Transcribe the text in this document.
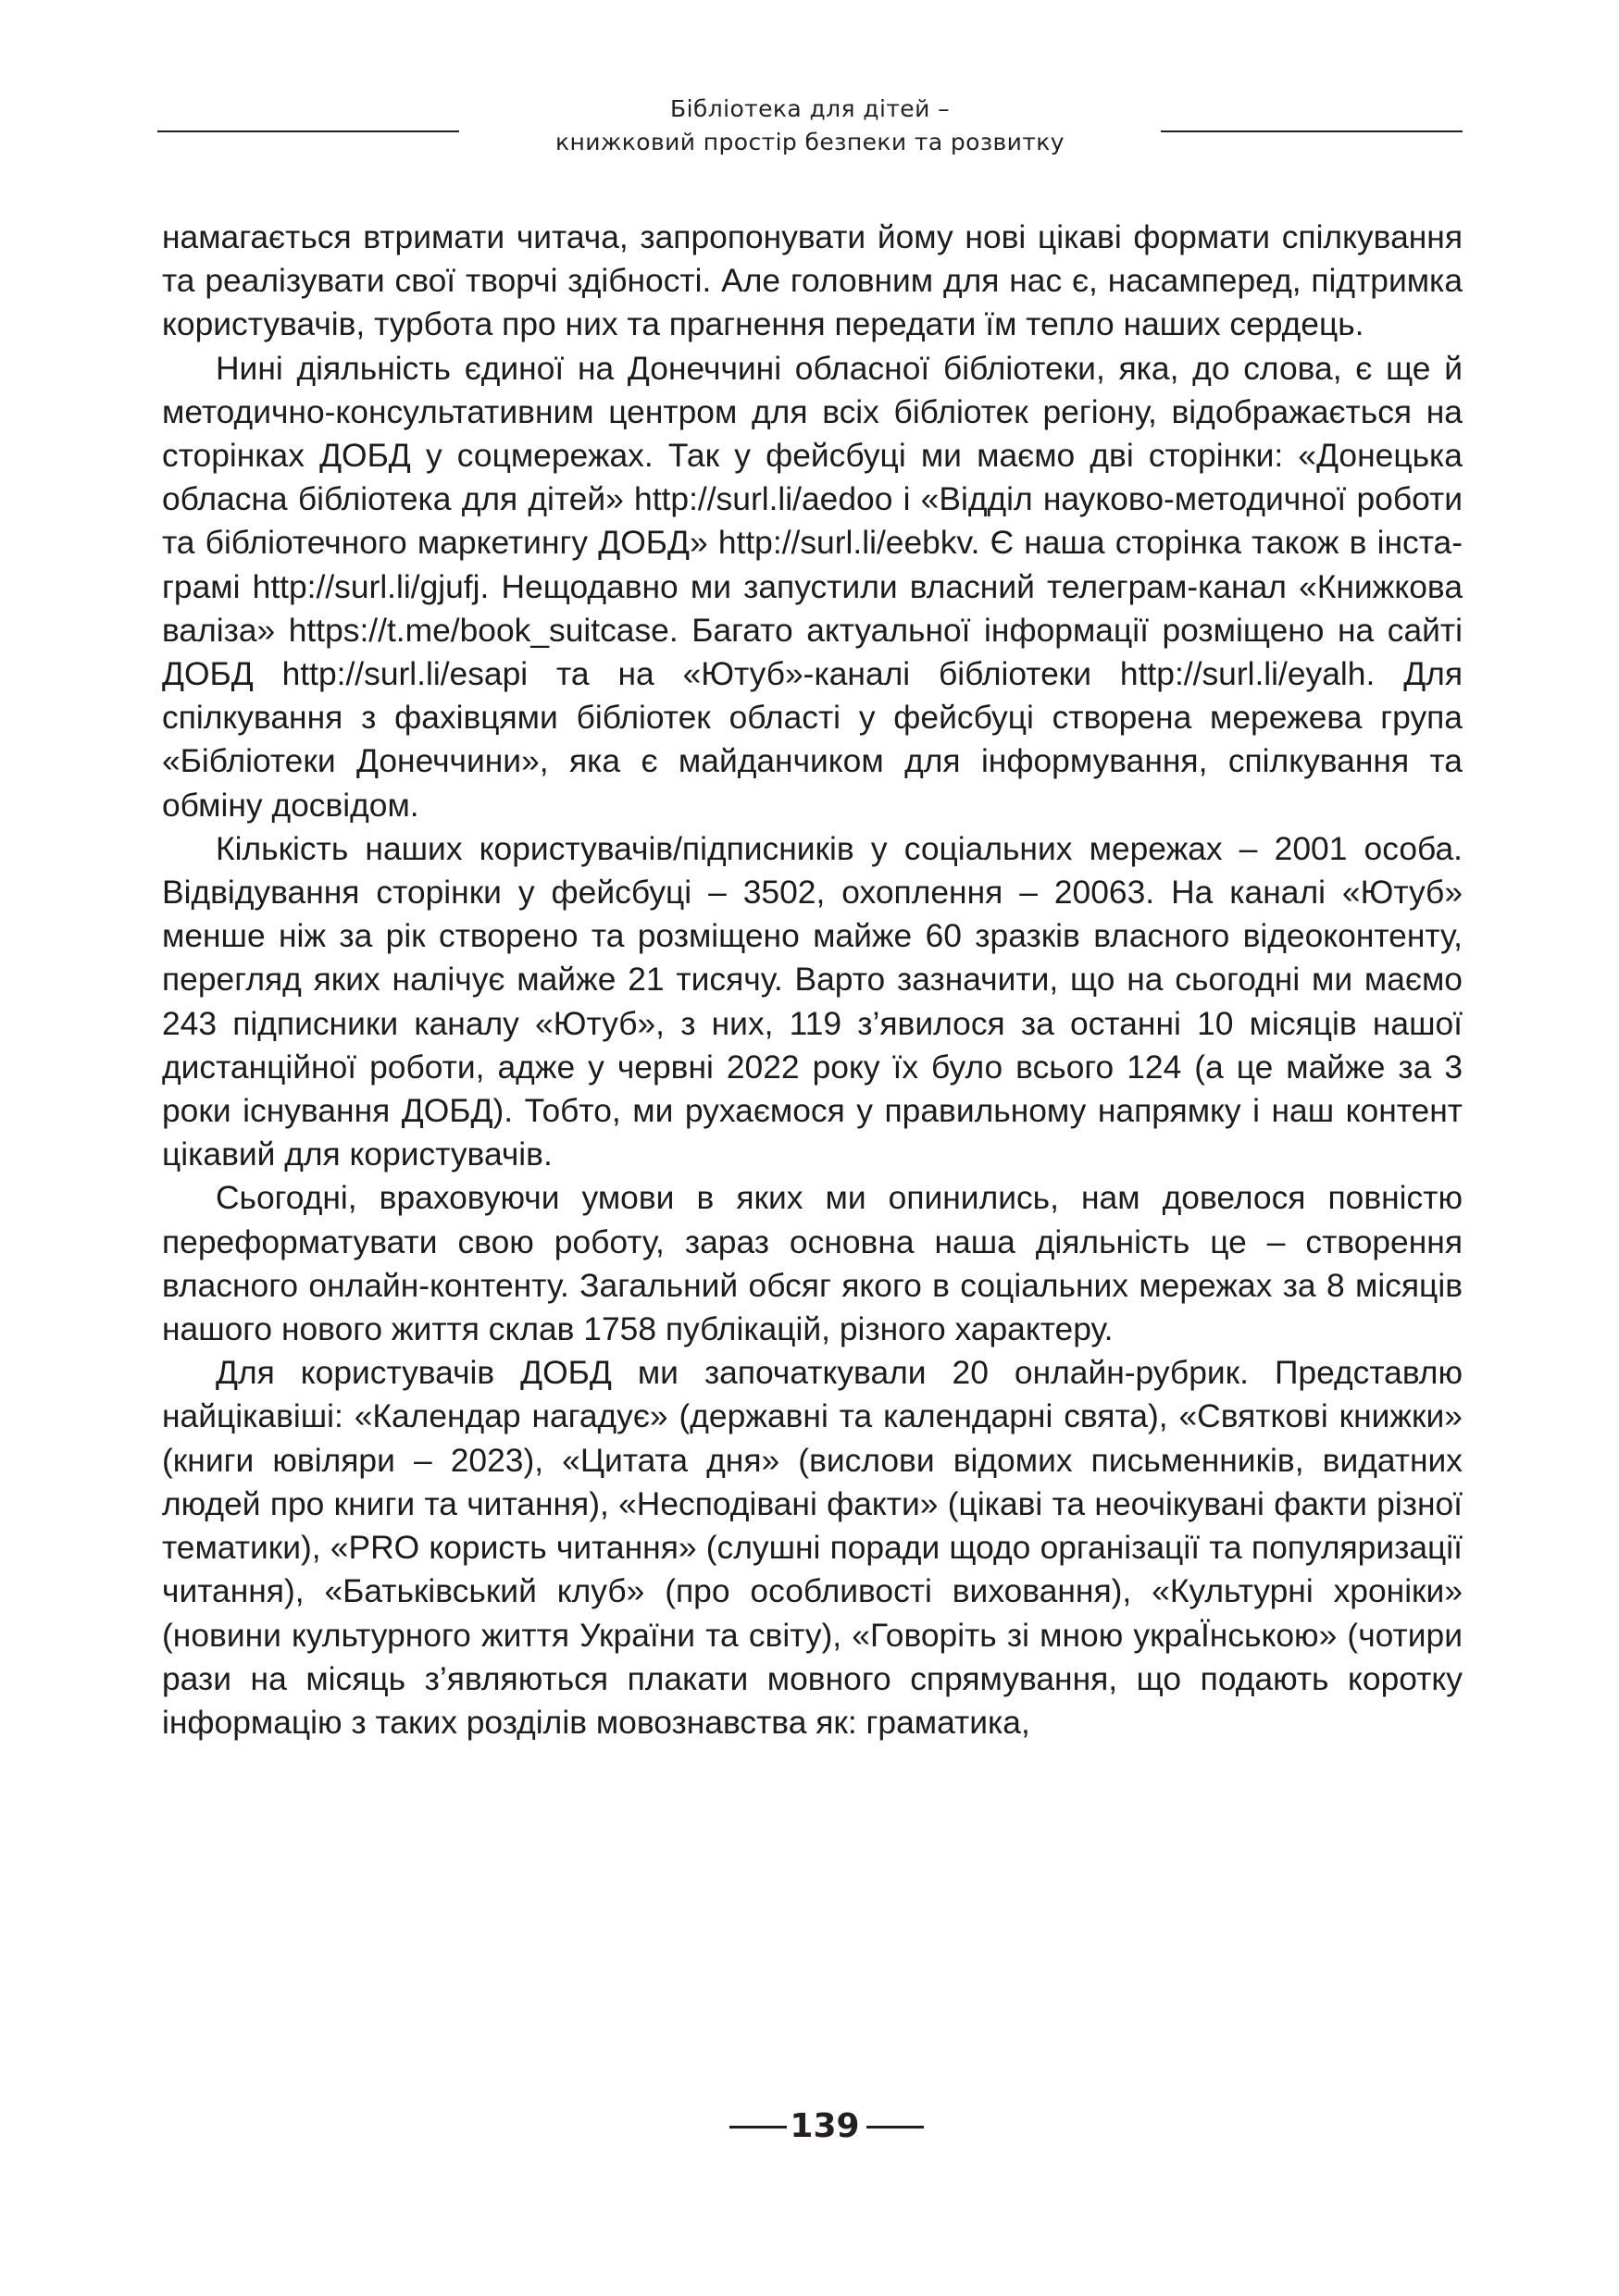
Бібліотека для дітей –
книжковий простір безпеки та розвитку

намагається втримати читача, запропонувати йому нові цікаві формати спілкування та реалізувати свої творчі здібності. Але головним для нас є, насамперед, підтримка користувачів, турбота про них та прагнення передати їм тепло наших сердець.

Нині діяльність єдиної на Донеччині обласної бібліотеки, яка, до слова, є ще й методично-консультативним центром для всіх бібліотек регіону, відображається на сторінках ДОБД у соцмережах. Так у фейсбуці ми маємо дві сторінки: «Донецька обласна бібліотека для дітей» http://surl.li/aedoo і «Відділ науково-методичної роботи та бібліотечного маркетингу ДОБД» http://surl.li/eebkv. Є наша сторінка також в інстаграмі http://surl.li/gjufj. Нещодавно ми запустили власний телеграм-канал «Книжкова валіза» https://t.me/book_suitcase. Багато актуальної інформації розміщено на сайті ДОБД http://surl.li/esapi та на «Ютуб»-каналі бібліотеки http://surl.li/eyalh. Для спілкування з фахівцями бібліотек області у фейсбуці створена мережева група «Бібліотеки Донеччини», яка є майданчиком для інформування, спілкування та обміну досвідом.

Кількість наших користувачів/підписників у соціальних мережах – 2001 особа. Відвідування сторінки у фейсбуці – 3502, охоплення – 20063. На каналі «Ютуб» менше ніж за рік створено та розміщено майже 60 зразків власного відеоконтенту, перегляд яких налічує майже 21 тисячу. Варто зазначити, що на сьогодні ми маємо 243 підписники каналу «Ютуб», з них, 119 з’явилося за останні 10 місяців нашої дистанційної роботи, адже у червні 2022 року їх було всього 124 (а це майже за 3 роки існування ДОБД). Тобто, ми рухаємося у правильному напрямку і наш контент цікавий для користувачів.

Сьогодні, враховуючи умови в яких ми опинились, нам довелося повністю переформатувати свою роботу, зараз основна наша діяльність це – створення власного онлайн-контенту. Загальний обсяг якого в соціальних мережах за 8 місяців нашого нового життя склав 1758 публікацій, різного характеру.

Для користувачів ДОБД ми започаткували 20 онлайн-рубрик. Представлю найцікавіші: «Календар нагадує» (державні та календарні свята), «Святкові книжки» (книги ювіляри – 2023), «Цитата дня» (вислови відомих письменників, видатних людей про книги та читання), «Несподівані факти» (цікаві та неочікувані факти різної тематики), «PRO користь читання» (слушні поради щодо організації та популяризації читання), «Батьківський клуб» (про особливості виховання), «Культурні хроніки» (новини культурного життя України та світу), «Говоріть зі мною украЇнською» (чотири рази на місяць з’являються плакати мовного спрямування, що подають коротку інформацію з таких розділів мовознавства як: граматика,

139
